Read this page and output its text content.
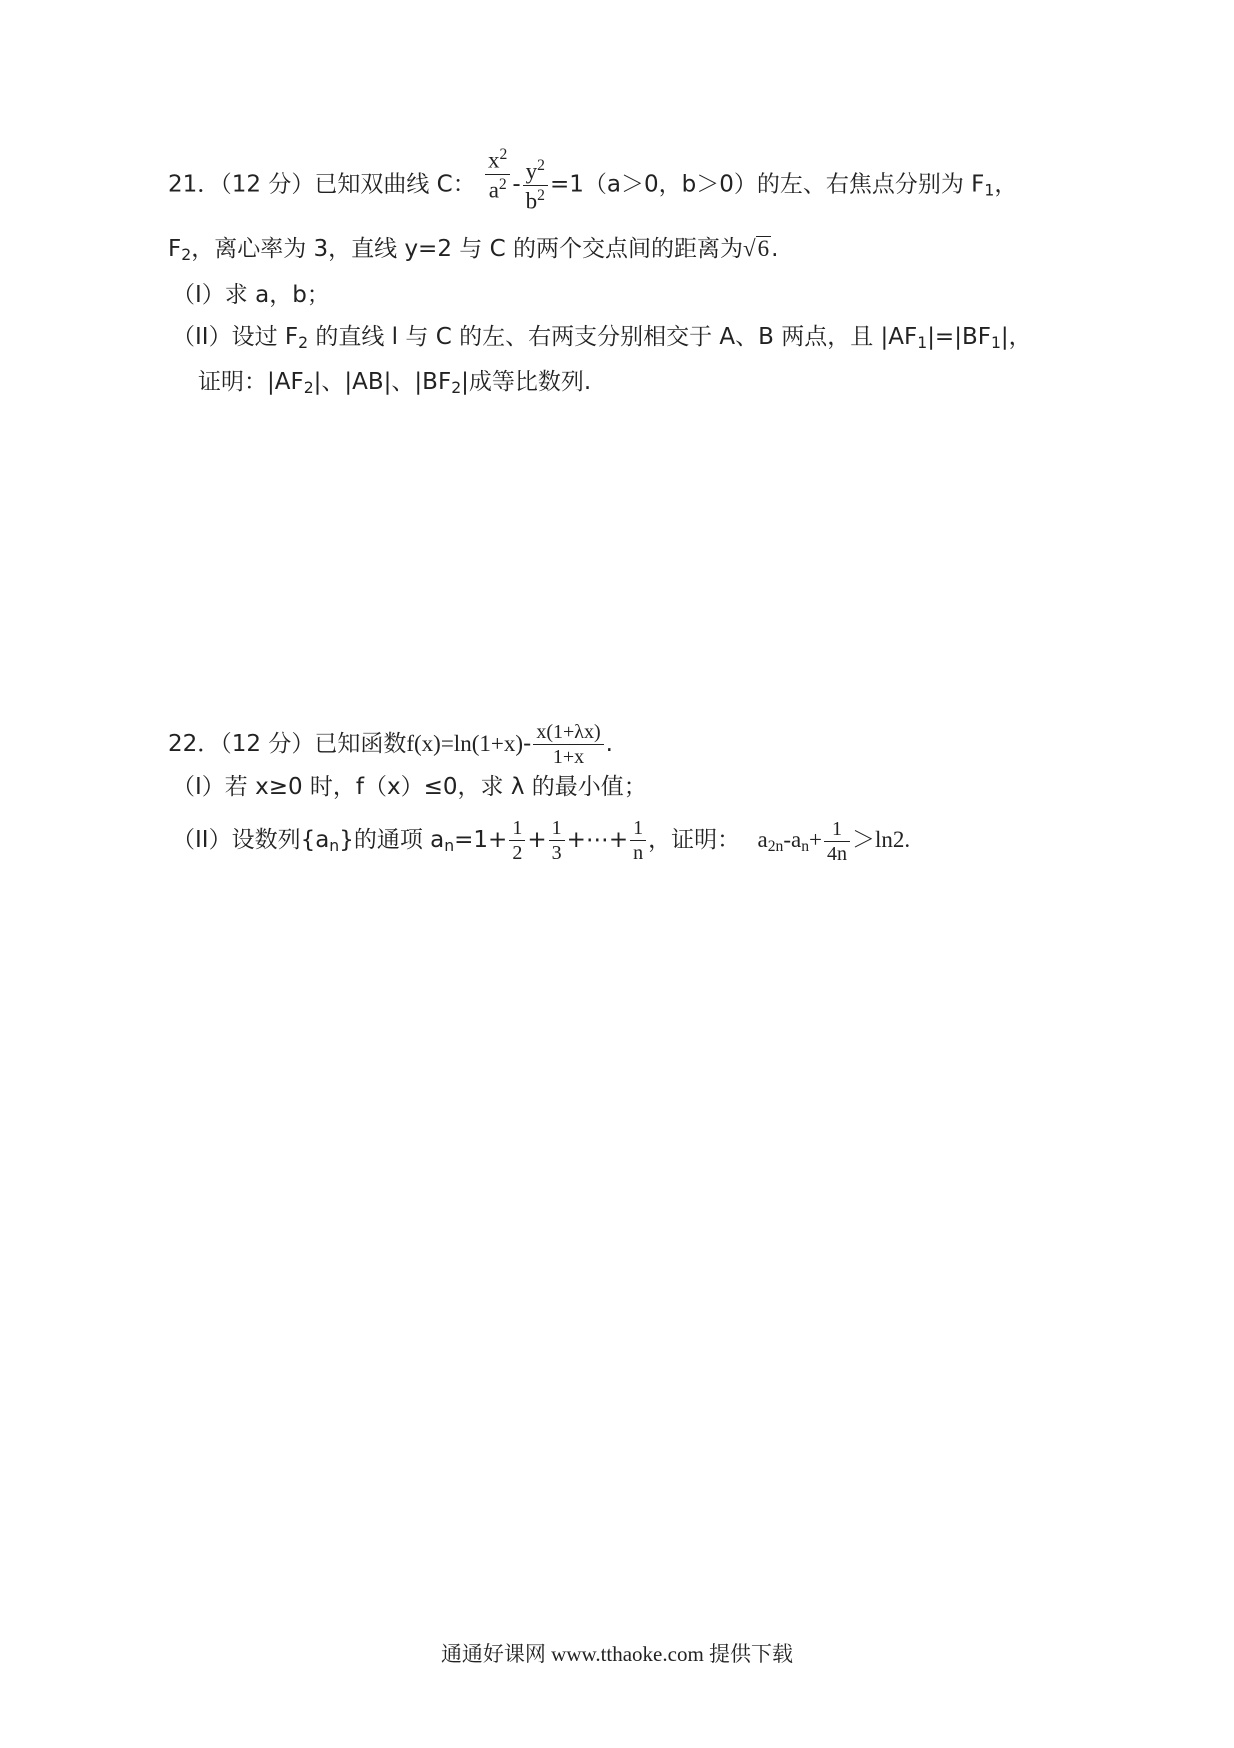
21．（12 分）已知双曲线 C： $\frac{x^2}{a^2} - \frac{y^2}{b^2} =1(a>0$，b＞0）的左、右焦点分别为 $F_1$，
$F_2$，离心率为 3，直线 y=2 与 C 的两个交点间的距离为√6.
（I）求 a，b；
（II）设过 $F_2$ 的直线 l 与 C 的左、右两支分别相交于 A、B 两点，且 $|AF_1|=|BF_1|$，
证明：$|AF_2|$、|AB|、$|BF_2|$成等比数列.
22．（12 分）已知函数$f(x)=\ln(1+x)- \frac{x(1+\lambda x)}{1+x}$ .
（I）若 x≥0 时，f（x）≤0，求 λ 的最小值；
（II）设数列$\{a_n\}$的通项 $a_n=1+ \frac{1}{2} + \frac{1}{3}$ +⋯+ $\frac{1}{n}$ ，证明： $a_{2n}-a_n+ \frac{1}{4n} >\ln 2$.
通通好课网 www.tthaoke.com 提供下载
